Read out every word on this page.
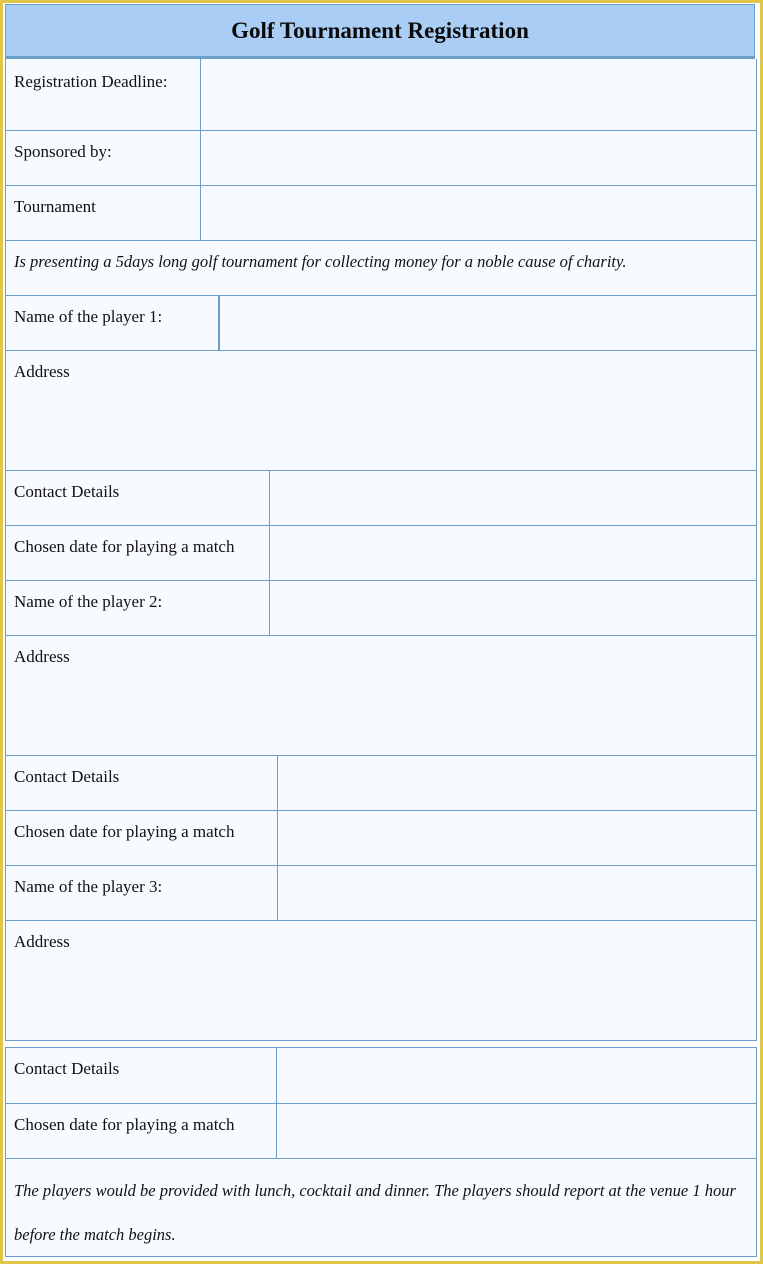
Golf Tournament Registration
Registration Deadline:
Sponsored by:
Tournament
Is presenting a 5days long golf tournament for collecting money for a noble cause of charity.
Name of the player 1:
Address
Contact Details
Chosen date for playing a match
Name of the player 2:
Address
Contact Details
Chosen date for playing a match
Name of the player 3:
Address
Contact Details
Chosen date for playing a match
The players would be provided with lunch, cocktail and dinner. The players should report at the venue 1 hour before the match begins.
